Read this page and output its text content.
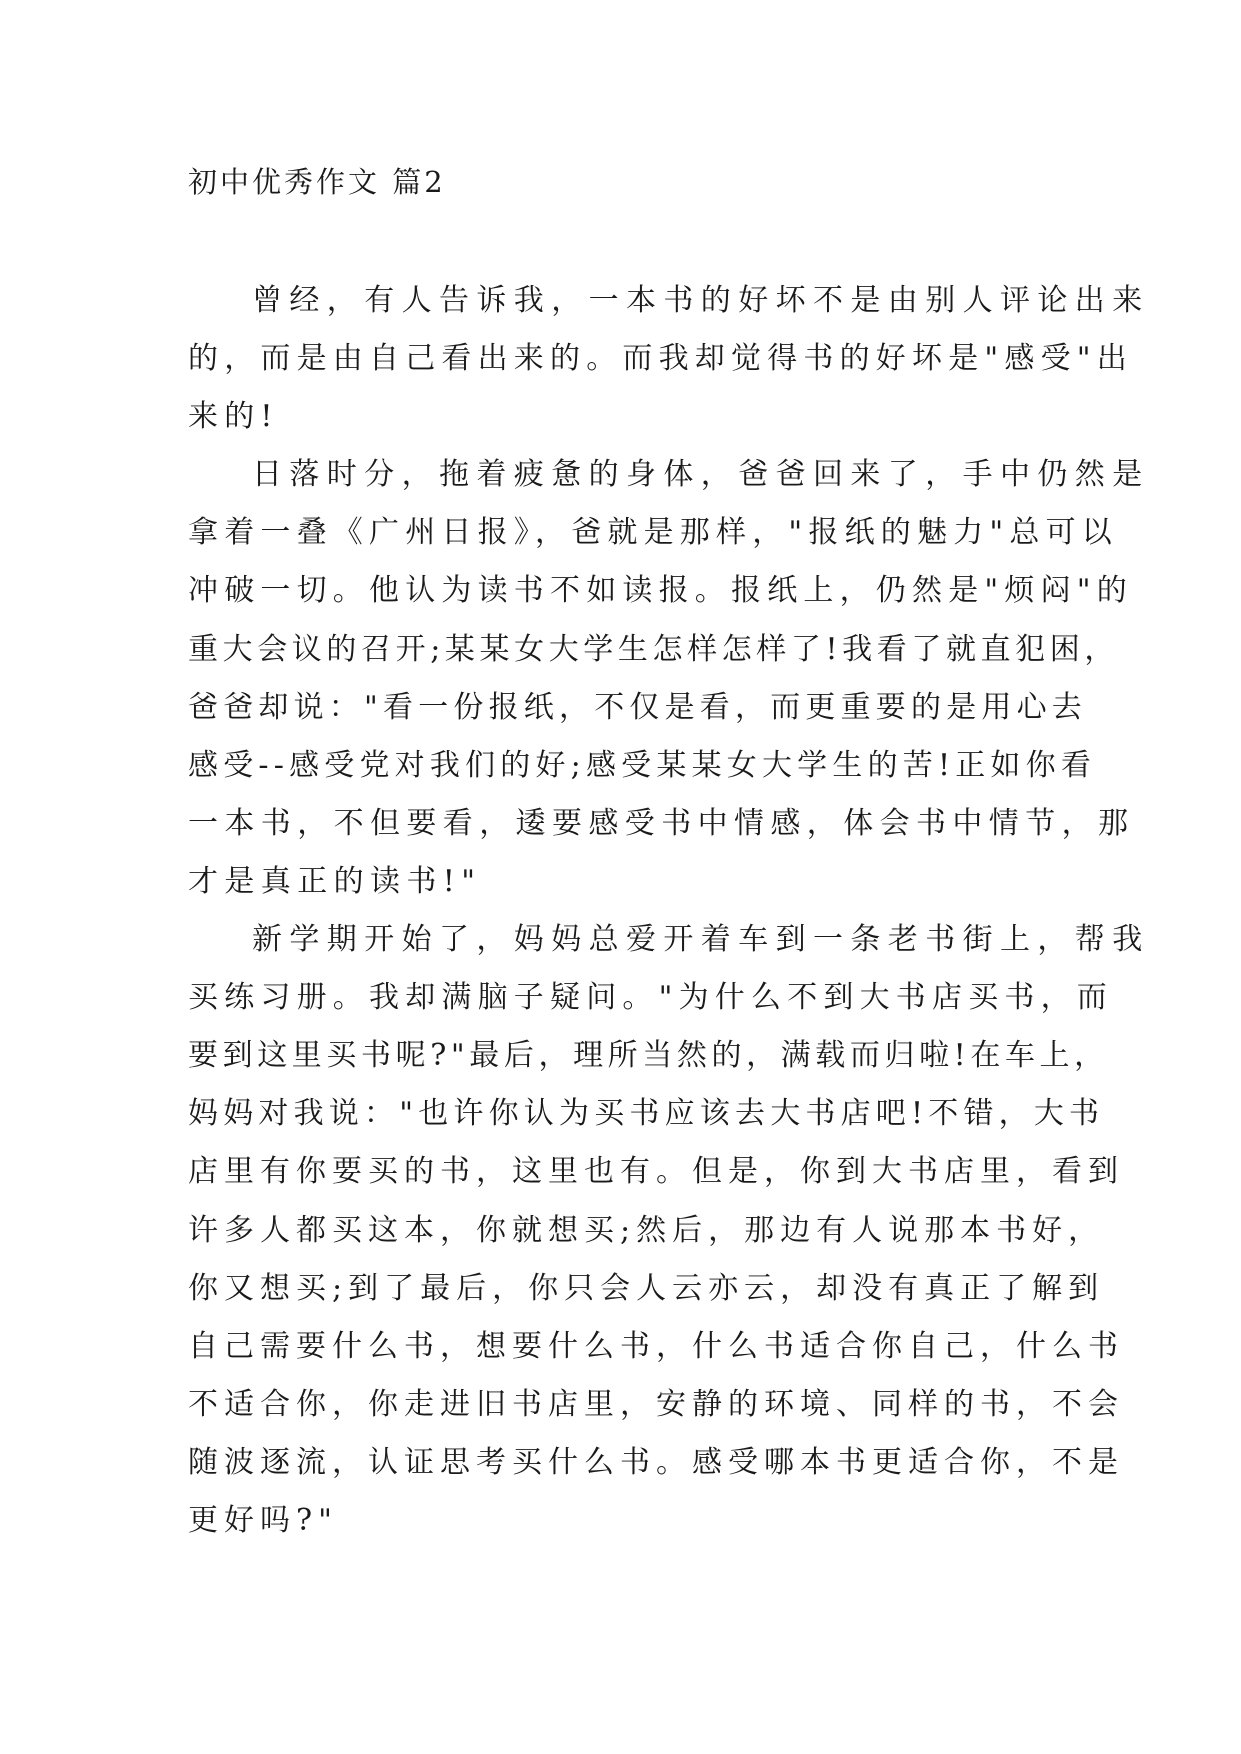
初中优秀作文 篇2
曾经，有人告诉我，一本书的好坏不是由别人评论出来
的，而是由自己看出来的。而我却觉得书的好坏是"感受"出
来的!
日落时分，拖着疲惫的身体，爸爸回来了，手中仍然是
拿着一叠《广州日报》，爸就是那样，"报纸的魅力"总可以
冲破一切。他认为读书不如读报。报纸上，仍然是"烦闷"的
重大会议的召开;某某女大学生怎样怎样了!我看了就直犯困，
爸爸却说："看一份报纸，不仅是看，而更重要的是用心去
感受--感受党对我们的好;感受某某女大学生的苦!正如你看
一本书，不但要看，逶要感受书中情感，体会书中情节，那
才是真正的读书!"
新学期开始了，妈妈总爱开着车到一条老书街上，帮我
买练习册。我却满脑子疑问。"为什么不到大书店买书，而
要到这里买书呢?"最后，理所当然的，满载而归啦!在车上，
妈妈对我说："也许你认为买书应该去大书店吧!不错，大书
店里有你要买的书，这里也有。但是，你到大书店里，看到
许多人都买这本，你就想买;然后，那边有人说那本书好，
你又想买;到了最后，你只会人云亦云，却没有真正了解到
自己需要什么书，想要什么书，什么书适合你自己，什么书
不适合你，你走进旧书店里，安静的环境、同样的书，不会
随波逐流，认证思考买什么书。感受哪本书更适合你，不是
更好吗?"
